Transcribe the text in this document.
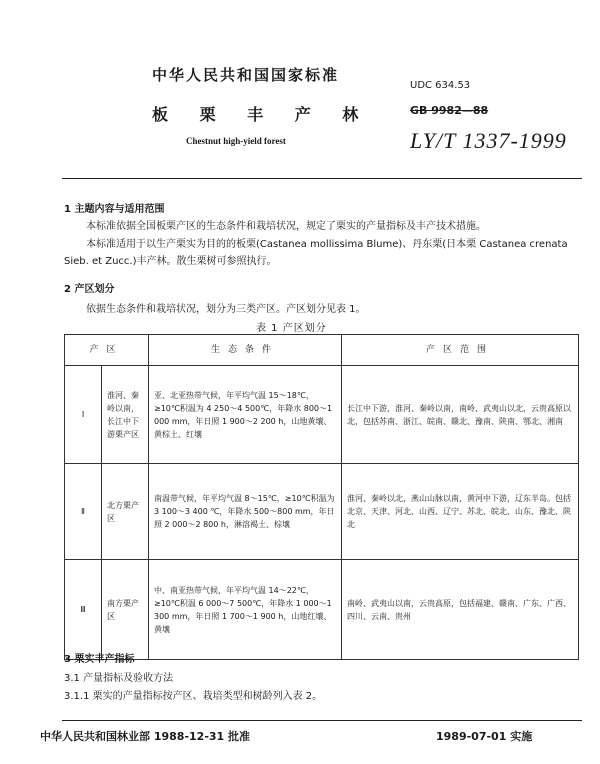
中华人民共和国国家标准
UDC 634.53
板 栗 丰 产 林	GB 9982—88
Chestnut high-yield forest	LY/T 1337-1999
1 主题内容与适用范围
本标准依据全国板栗产区的生态条件和栽培状况，规定了栗实的产量指标及丰产技术措施。
本标准适用于以生产栗实为目的的板栗(Castanea mollissima Blume)、丹东栗(日本栗 Castanea crenata Sieb. et Zucc.)丰产林。散生栗树可参照执行。
2 产区划分
依据生态条件和栽培状况，划分为三类产区。产区划分见表 1。
表 1 产区划分
产区		生态条件	产区范围
Ⅰ	淮河、秦岭以南，长江中下游栗产区	亚、北亚热带气候，年平均气温 15～18℃，≥10℃积温为 4 250～4 500℃，年降水 800～1 000 mm，年日照 1 900～2 200 h，山地黄壤、黄棕土、红壤	长江中下游，淮河、秦岭以南，南岭、武夷山以北，云贵高原以北，包括苏南、浙江、皖南、赣北、豫南、陕南、鄂北、湘南
Ⅱ	北方栗产区	南温带气候，年平均气温 8～15℃，≥10℃积温为 3 100～3 400 ℃，年降水 500～800 mm，年日照 2 000～2 800 h，淋溶褐土、棕壤	淮河、秦岭以北，燕山山脉以南，黄河中下游，辽东半岛。包括北京、天津、河北、山西、辽宁、苏北、皖北、山东、豫北、陕北
Ⅲ	南方栗产区	中、南亚热带气候，年平均气温 14～22℃，≥10℃积温 6 000～7 500℃，年降水 1 000～1 300 mm，年日照 1 700～1 900 h，山地红壤、黄壤	南岭、武夷山以南，云贵高原，包括福建、赣南、广东、广西、四川、云南、贵州
3 栗实丰产指标
3.1 产量指标及验收方法
3.1.1 栗实的产量指标按产区、栽培类型和树龄列入表 2。
中华人民共和国林业部 1988-12-31 批准	1989-07-01 实施
